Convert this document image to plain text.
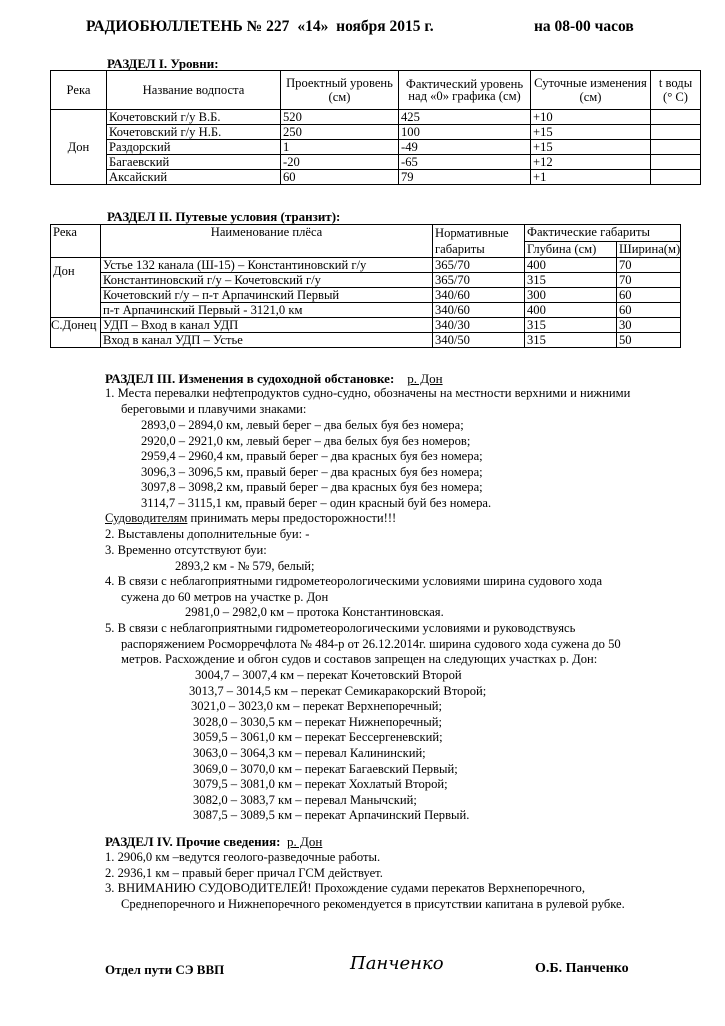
РАДИОБЮЛЛЕТЕНЬ № 227 «14» ноября 2015 г.	на 08-00 часов
РАЗДЕЛ I. Уровни:
Река	Название водпоста	Проектный уровень (см)	Фактический уровень над «0» графика (см)	Суточные изменения (см)	t воды (° C)
Дон	Кочетовский г/у В.Б.	520	425	+10	
	Кочетовский г/у Н.Б.	250	100	+15	
	Раздорский	1	-49	+15	
	Багаевский	-20	-65	+12	
	Аксайский	60	79	+1	
РАЗДЕЛ II. Путевые условия (транзит):
Река	Наименование плёса	Нормативные габариты	Фактические габариты	
			Глубина (см)	Ширина(м)
Дон	Устье 132 канала (Ш-15) – Константиновский г/у	365/70	400	70
	Константиновский г/у – Кочетовский г/у	365/70	315	70
	Кочетовский г/у – п-т Арпачинский Первый	340/60	300	60
	п-т Арпачинский Первый - 3121,0 км	340/60	400	60
С.Донец	УДП – Вход в канал УДП	340/30	315	30
	Вход в канал УДП – Устье	340/50	315	50
РАЗДЕЛ III. Изменения в судоходной обстановке: р. Дон
1. Места перевалки нефтепродуктов судно-судно, обозначены на местности верхними и нижними
береговыми и плавучими знаками:
2893,0 – 2894,0 км, левый берег – два белых буя без номера;
2920,0 – 2921,0 км, левый берег – два белых буя без номеров;
2959,4 – 2960,4 км, правый берег – два красных буя без номера;
3096,3 – 3096,5 км, правый берег – два красных буя без номера;
3097,8 – 3098,2 км, правый берег – два красных буя без номера;
3114,7 – 3115,1 км, правый берег – один красный буй без номера.
Судоводителям принимать меры предосторожности!!!
2. Выставлены дополнительные буи: -
3. Временно отсутствуют буи:
2893,2 км - № 579, белый;
4. В связи с неблагоприятными гидрометеорологическими условиями ширина судового хода
сужена до 60 метров на участке р. Дон
2981,0 – 2982,0 км – протока Константиновская.
5. В связи с неблагоприятными гидрометеорологическими условиями и руководствуясь
распоряжением Росморречфлота № 484-р от 26.12.2014г. ширина судового хода сужена до 50
метров. Расхождение и обгон судов и составов запрещен на следующих участках р. Дон:
3004,7 – 3007,4 км – перекат Кочетовский Второй
3013,7 – 3014,5 км – перекат Семикаракорский Второй;
3021,0 – 3023,0 км – перекат Верхнепоречный;
3028,0 – 3030,5 км – перекат Нижнепоречный;
3059,5 – 3061,0 км – перекат Бессергеневский;
3063,0 – 3064,3 км – перевал Калининский;
3069,0 – 3070,0 км – перекат Багаевский Первый;
3079,5 – 3081,0 км – перекат Хохлатый Второй;
3082,0 – 3083,7 км – перевал Манычский;
3087,5 – 3089,5 км – перекат Арпачинский Первый.
РАЗДЕЛ IV. Прочие сведения: р. Дон
1. 2906,0 км –ведутся геолого-разведочные работы.
2. 2936,1 км – правый берег причал ГСМ действует.
3. ВНИМАНИЮ СУДОВОДИТЕЛЕЙ! Прохождение судами перекатов Верхнепоречного,
Среднепоречного и Нижнепоречного рекомендуется в присутствии капитана в рулевой рубке.
Отдел пути СЭ ВВП	Панченко	О.Б. Панченко
